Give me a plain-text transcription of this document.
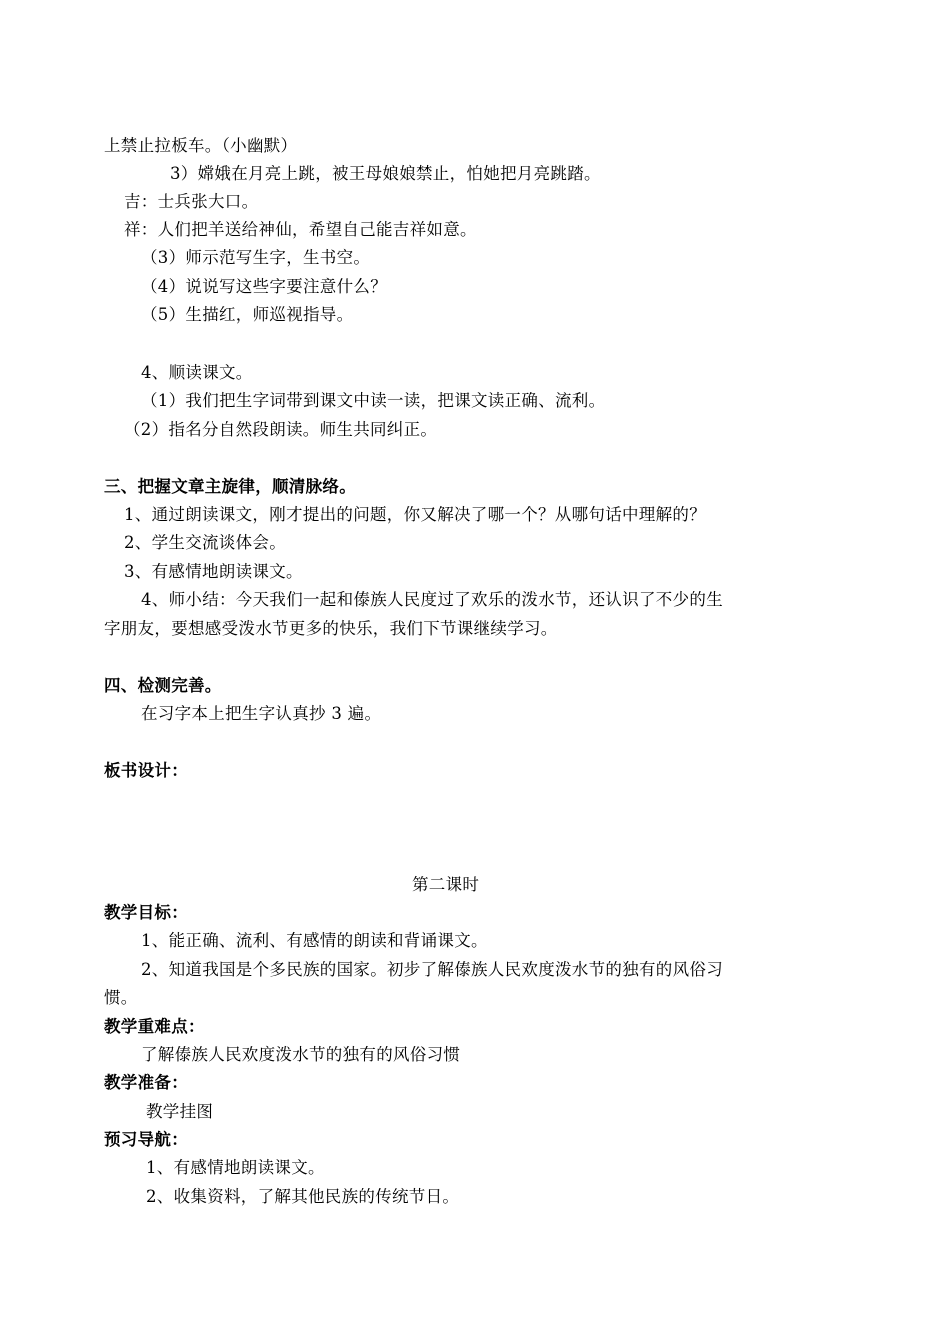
上禁止拉板车。（小幽默）
3）嫦娥在月亮上跳，被王母娘娘禁止，怕她把月亮跳踏。
吉：士兵张大口。
祥：人们把羊送给神仙，希望自己能吉祥如意。
（3）师示范写生字，生书空。
（4）说说写这些字要注意什么？
（5）生描红，师巡视指导。
4、顺读课文。
（1）我们把生字词带到课文中读一读，把课文读正确、流利。
（2）指名分自然段朗读。师生共同纠正。
三、把握文章主旋律，顺清脉络。
1、通过朗读课文，刚才提出的问题，你又解决了哪一个？从哪句话中理解的？
2、学生交流谈体会。
3、有感情地朗读课文。
4、师小结：今天我们一起和傣族人民度过了欢乐的泼水节，还认识了不少的生
字朋友，要想感受泼水节更多的快乐，我们下节课继续学习。
四、检测完善。
在习字本上把生字认真抄 3 遍。
板书设计：
第二课时
教学目标：
1、能正确、流利、有感情的朗读和背诵课文。
2、知道我国是个多民族的国家。初步了解傣族人民欢度泼水节的独有的风俗习
惯。
教学重难点：
了解傣族人民欢度泼水节的独有的风俗习惯
教学准备：
教学挂图
预习导航：
1、有感情地朗读课文。
2、收集资料，了解其他民族的传统节日。
